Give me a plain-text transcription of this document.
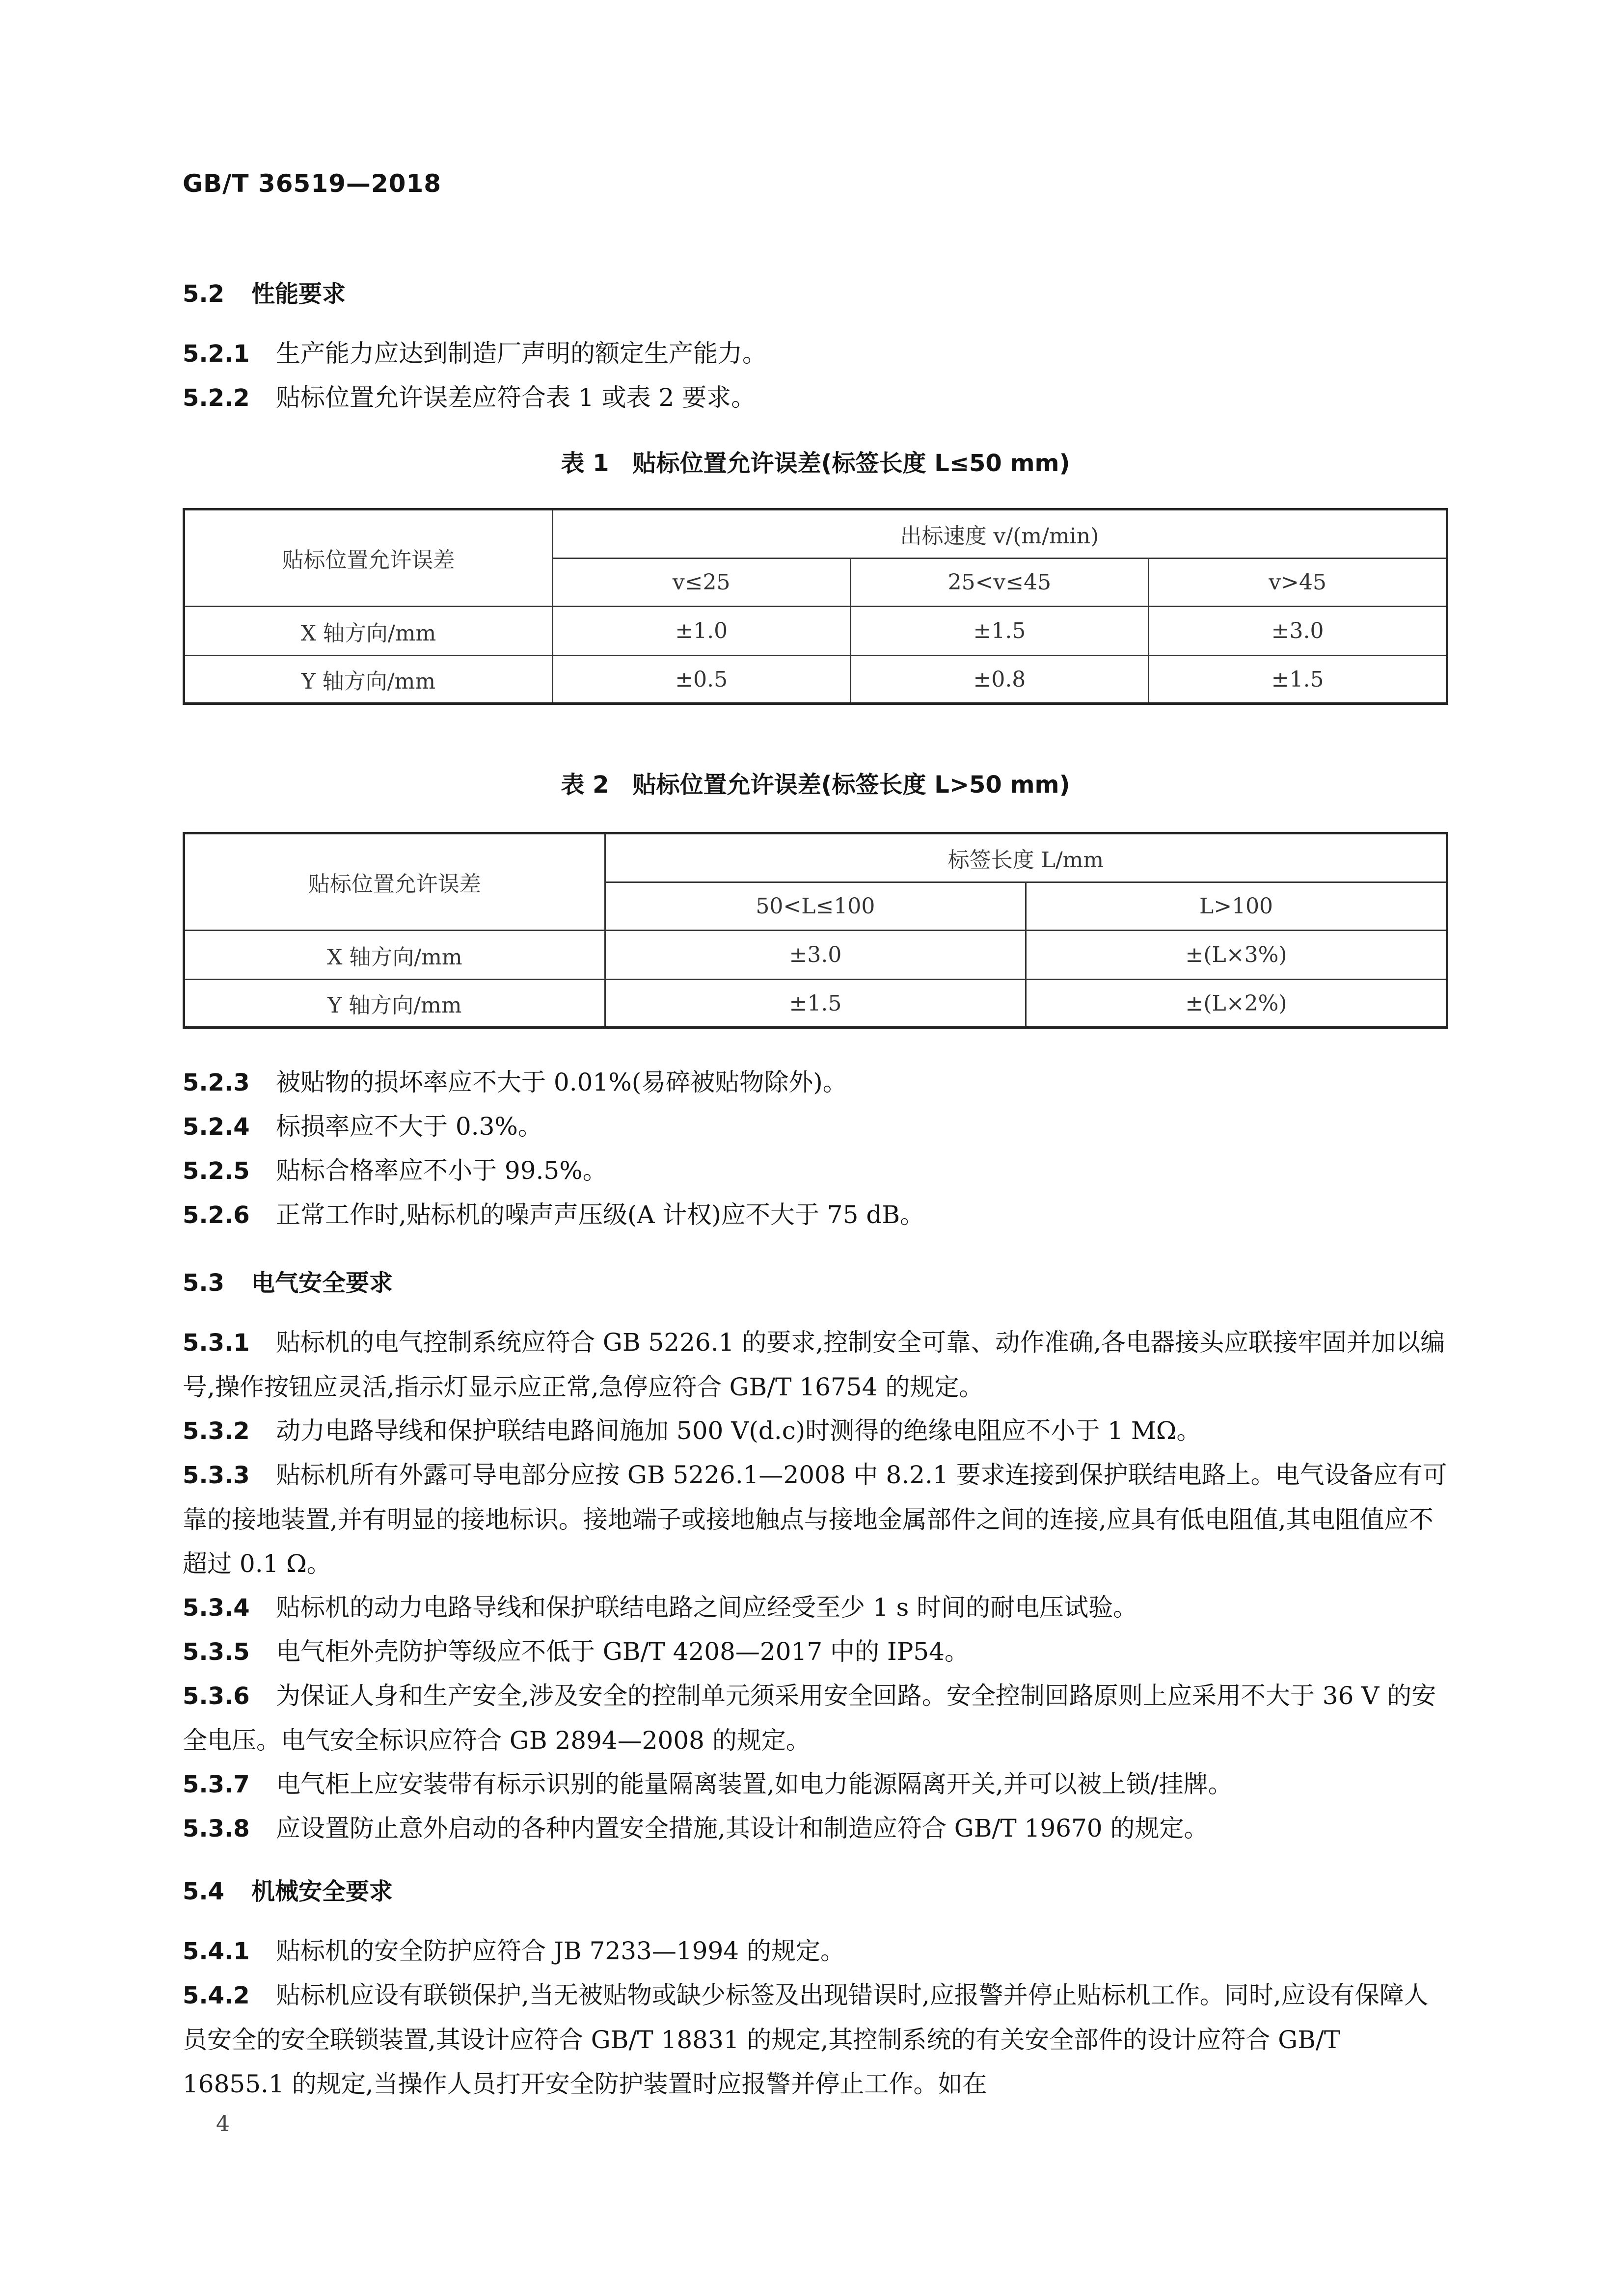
GB/T 36519—2018
5.2 性能要求
5.2.1 生产能力应达到制造厂声明的额定生产能力。
5.2.2 贴标位置允许误差应符合表 1 或表 2 要求。
表 1　贴标位置允许误差(标签长度 L≤50 mm)
贴标位置允许误差	出标速度 v/(m/min)		
	v≤25	25<v≤45	v>45
X 轴方向/mm	±1.0	±1.5	±3.0
Y 轴方向/mm	±0.5	±0.8	±1.5
表 2　贴标位置允许误差(标签长度 L>50 mm)
贴标位置允许误差	标签长度 L/mm	
	50<L≤100	L>100
X 轴方向/mm	±3.0	±(L×3%)
Y 轴方向/mm	±1.5	±(L×2%)
5.2.3 被贴物的损坏率应不大于 0.01%(易碎被贴物除外)。
5.2.4 标损率应不大于 0.3%。
5.2.5 贴标合格率应不小于 99.5%。
5.2.6 正常工作时,贴标机的噪声声压级(A 计权)应不大于 75 dB。
5.3 电气安全要求
5.3.1 贴标机的电气控制系统应符合 GB 5226.1 的要求,控制安全可靠、动作准确,各电器接头应联接牢固并加以编号,操作按钮应灵活,指示灯显示应正常,急停应符合 GB/T 16754 的规定。
5.3.2 动力电路导线和保护联结电路间施加 500 V(d.c)时测得的绝缘电阻应不小于 1 MΩ。
5.3.3 贴标机所有外露可导电部分应按 GB 5226.1—2008 中 8.2.1 要求连接到保护联结电路上。电气设备应有可靠的接地装置,并有明显的接地标识。接地端子或接地触点与接地金属部件之间的连接,应具有低电阻值,其电阻值应不超过 0.1 Ω。
5.3.4 贴标机的动力电路导线和保护联结电路之间应经受至少 1 s 时间的耐电压试验。
5.3.5 电气柜外壳防护等级应不低于 GB/T 4208—2017 中的 IP54。
5.3.6 为保证人身和生产安全,涉及安全的控制单元须采用安全回路。安全控制回路原则上应采用不大于 36 V 的安全电压。电气安全标识应符合 GB 2894—2008 的规定。
5.3.7 电气柜上应安装带有标示识别的能量隔离装置,如电力能源隔离开关,并可以被上锁/挂牌。
5.3.8 应设置防止意外启动的各种内置安全措施,其设计和制造应符合 GB/T 19670 的规定。
5.4 机械安全要求
5.4.1 贴标机的安全防护应符合 JB 7233—1994 的规定。
5.4.2 贴标机应设有联锁保护,当无被贴物或缺少标签及出现错误时,应报警并停止贴标机工作。同时,应设有保障人员安全的安全联锁装置,其设计应符合 GB/T 18831 的规定,其控制系统的有关安全部件的设计应符合 GB/T 16855.1 的规定,当操作人员打开安全防护装置时应报警并停止工作。如在
4
